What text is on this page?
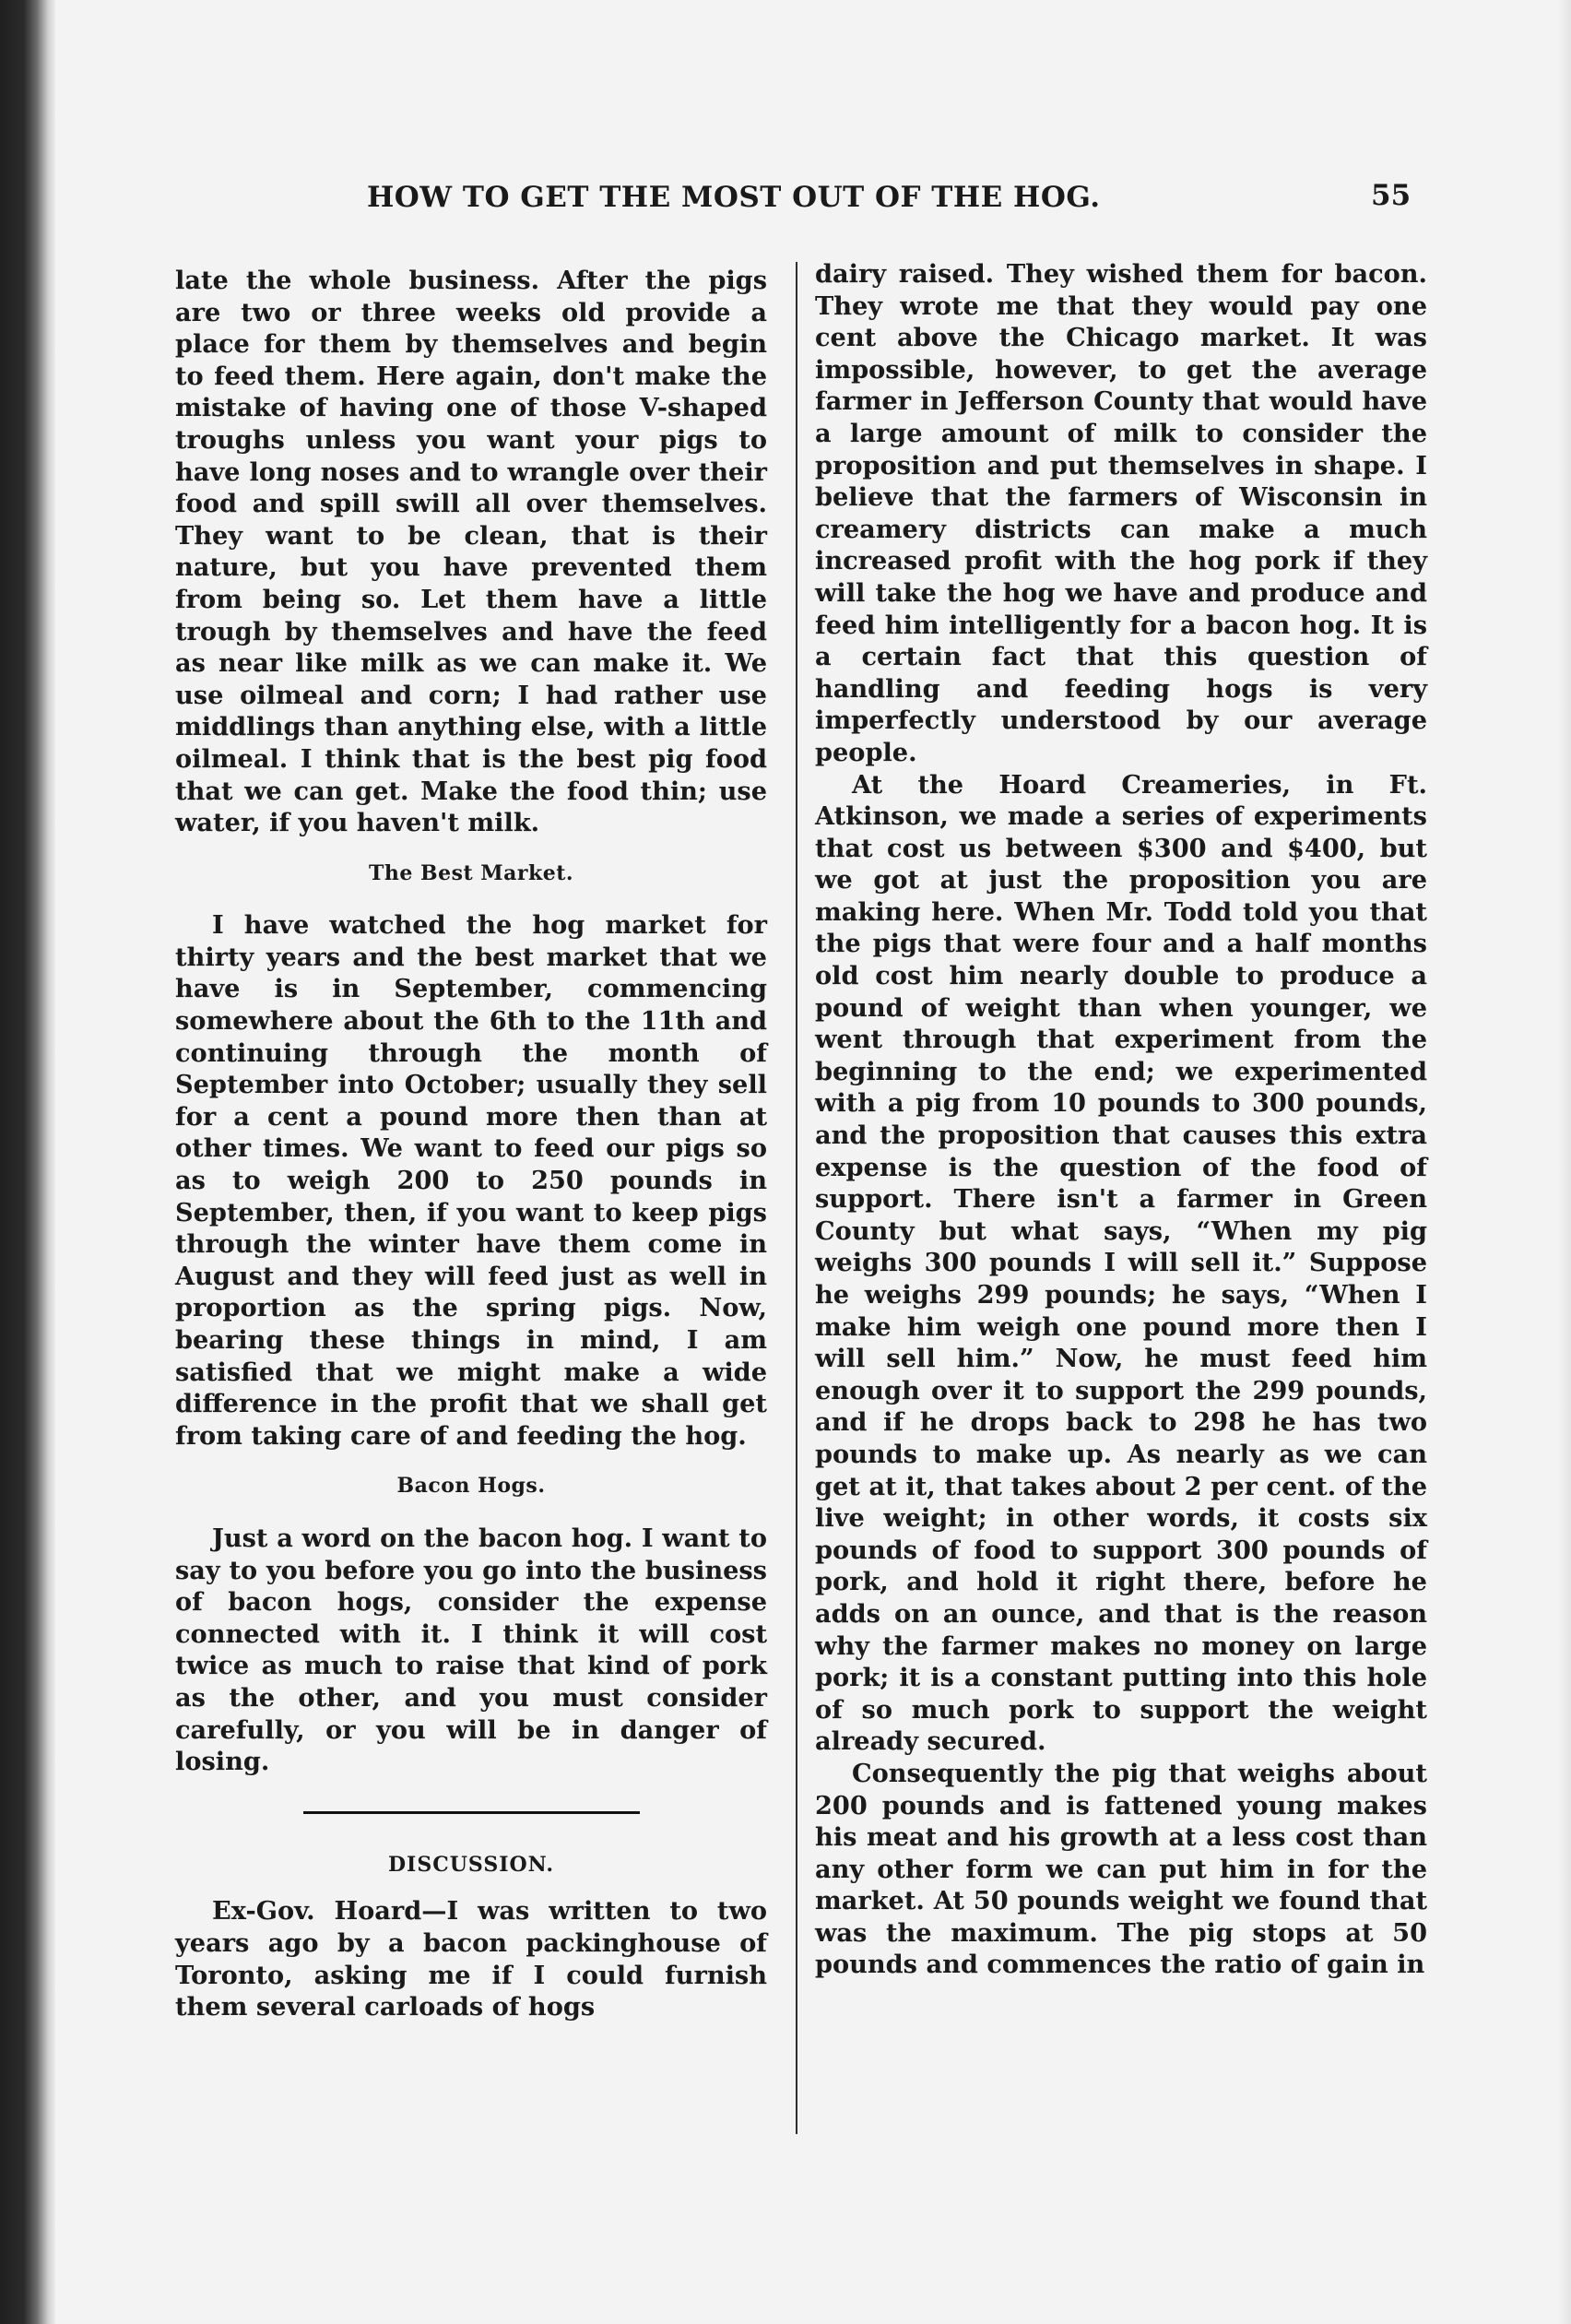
HOW TO GET THE MOST OUT OF THE HOG.	55

late the whole business. After the pigs are two or three weeks old provide a place for them by themselves and begin to feed them. Here again, don't make the mistake of having one of those V-shaped troughs unless you want your pigs to have long noses and to wrangle over their food and spill swill all over themselves. They want to be clean, that is their nature, but you have prevented them from being so. Let them have a little trough by themselves and have the feed as near like milk as we can make it. We use oilmeal and corn; I had rather use middlings than anything else, with a little oilmeal. I think that is the best pig food that we can get. Make the food thin; use water, if you haven't milk.

The Best Market.

I have watched the hog market for thirty years and the best market that we have is in September, commencing somewhere about the 6th to the 11th and continuing through the month of September into October; usually they sell for a cent a pound more then than at other times. We want to feed our pigs so as to weigh 200 to 250 pounds in September, then, if you want to keep pigs through the winter have them come in August and they will feed just as well in proportion as the spring pigs. Now, bearing these things in mind, I am satisfied that we might make a wide difference in the profit that we shall get from taking care of and feeding the hog.

Bacon Hogs.

Just a word on the bacon hog. I want to say to you before you go into the business of bacon hogs, consider the expense connected with it. I think it will cost twice as much to raise that kind of pork as the other, and you must consider carefully, or you will be in danger of losing.

DISCUSSION.

Ex-Gov. Hoard—I was written to two years ago by a bacon packinghouse of Toronto, asking me if I could furnish them several carloads of hogs

dairy raised. They wished them for bacon. They wrote me that they would pay one cent above the Chicago market. It was impossible, however, to get the average farmer in Jefferson County that would have a large amount of milk to consider the proposition and put themselves in shape. I believe that the farmers of Wisconsin in creamery districts can make a much increased profit with the hog pork if they will take the hog we have and produce and feed him intelligently for a bacon hog. It is a certain fact that this question of handling and feeding hogs is very imperfectly understood by our average people.

At the Hoard Creameries, in Ft. Atkinson, we made a series of experiments that cost us between $300 and $400, but we got at just the proposition you are making here. When Mr. Todd told you that the pigs that were four and a half months old cost him nearly double to produce a pound of weight than when younger, we went through that experiment from the beginning to the end; we experimented with a pig from 10 pounds to 300 pounds, and the proposition that causes this extra expense is the question of the food of support. There isn't a farmer in Green County but what says, “When my pig weighs 300 pounds I will sell it.” Suppose he weighs 299 pounds; he says, “When I make him weigh one pound more then I will sell him.” Now, he must feed him enough over it to support the 299 pounds, and if he drops back to 298 he has two pounds to make up. As nearly as we can get at it, that takes about 2 per cent. of the live weight; in other words, it costs six pounds of food to support 300 pounds of pork, and hold it right there, before he adds on an ounce, and that is the reason why the farmer makes no money on large pork; it is a constant putting into this hole of so much pork to support the weight already secured.

Consequently the pig that weighs about 200 pounds and is fattened young makes his meat and his growth at a less cost than any other form we can put him in for the market. At 50 pounds weight we found that was the maximum. The pig stops at 50 pounds and commences the ratio of gain in
